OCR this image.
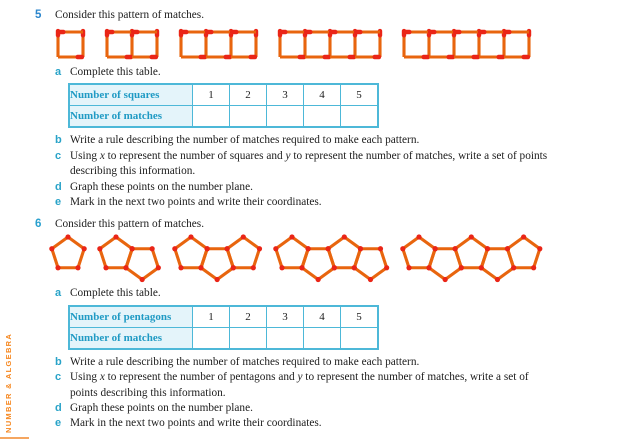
NUMBER & ALGEBRA
5	Consider this pattern of matches.
a Complete this table.
Number of squares	1	2	3	4	5
Number of matches					
b Write a rule describing the number of matches required to make each pattern.
c Using x to represent the number of squares and y to represent the number of matches, write a set of points
describing this information.
d Graph these points on the number plane.
e Mark in the next two points and write their coordinates.
6	Consider this pattern of matches.
a Complete this table.
Number of pentagons	1	2	3	4	5
Number of matches					
b Write a rule describing the number of matches required to make each pattern.
c Using x to represent the number of pentagons and y to represent the number of matches, write a set of
points describing this information.
d Graph these points on the number plane.
e Mark in the next two points and write their coordinates.
